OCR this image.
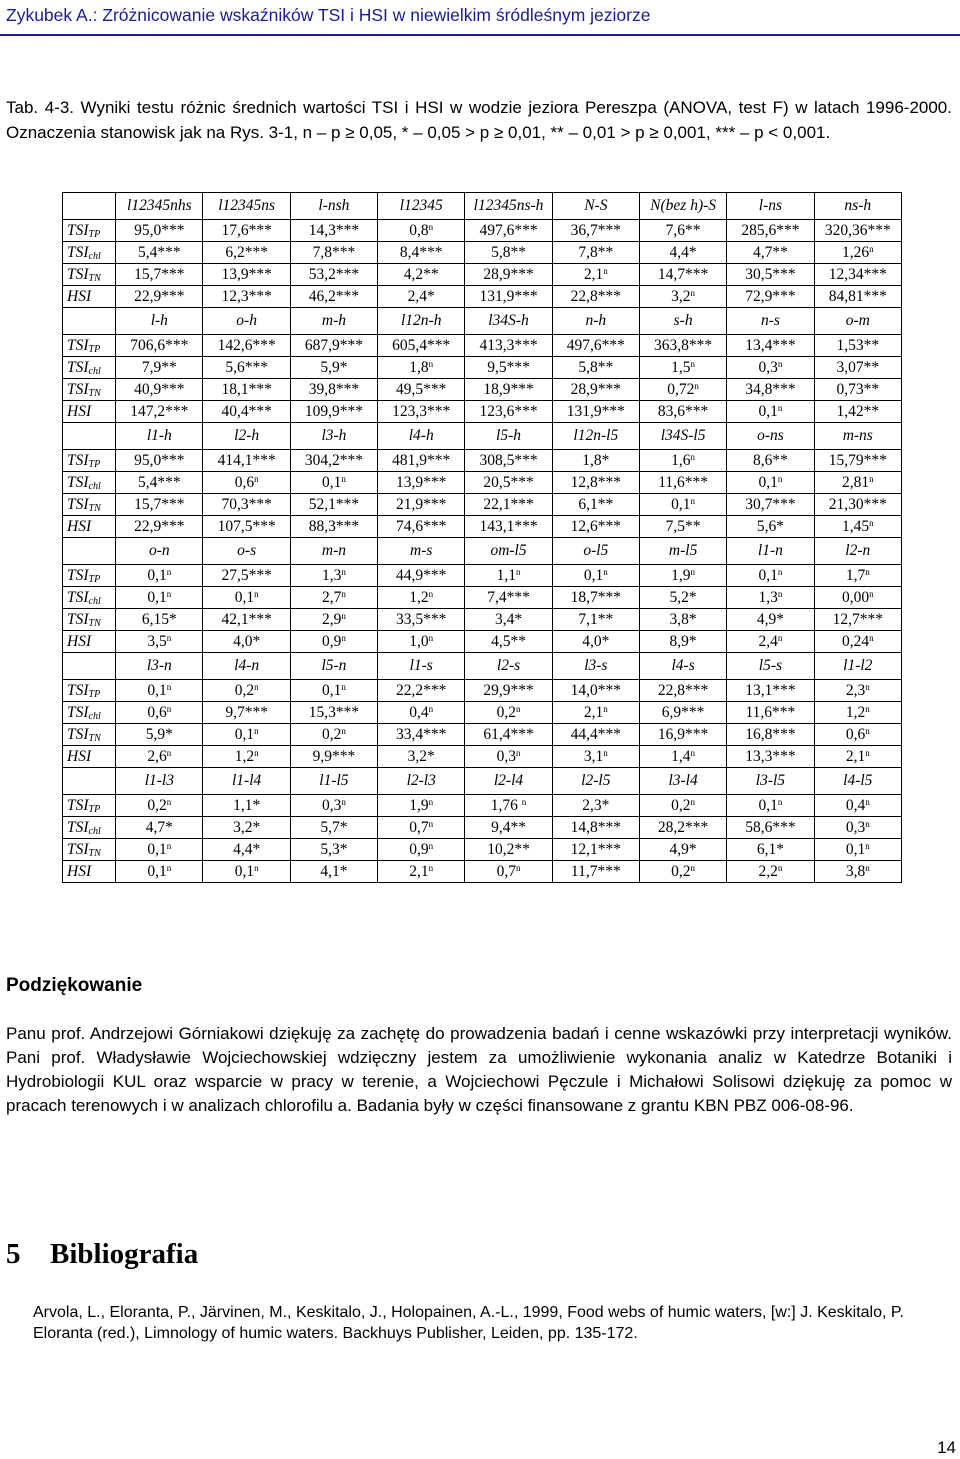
Zykubek A.: Zróżnicowanie wskaźników TSI i HSI w niewielkim śródleśnym jeziorze
Tab. 4-3. Wyniki testu różnic średnich wartości TSI i HSI w wodzie jeziora Pereszpa (ANOVA, test F) w latach 1996-2000. Oznaczenia stanowisk jak na Rys. 3-1, n – p ≥ 0,05, * – 0,05 > p ≥ 0,01, ** – 0,01 > p ≥ 0,001, *** – p < 0,001.
	l12345nhs	l12345ns	l-nsh	l12345	l12345ns-h	N-S	N(bez h)-S	l-ns	ns-h
$TSI_{TP}$	95,0***	17,6***	14,3***	0,8$^n$	497,6***	36,7***	7,6**	285,6***	320,36***
$TSI_{chl}$	5,4***	6,2***	7,8***	8,4***	5,8**	7,8**	4,4*	4,7**	1,26$^n$
$TSI_{TN}$	15,7***	13,9***	53,2***	4,2**	28,9***	2,1$^n$	14,7***	30,5***	12,34***
HSI	22,9***	12,3***	46,2***	2,4*	131,9***	22,8***	3,2$^n$	72,9***	84,81***
	l-h	o-h	m-h	l12n-h	l34S-h	n-h	s-h	n-s	o-m
$TSI_{TP}$	706,6***	142,6***	687,9***	605,4***	413,3***	497,6***	363,8***	13,4***	1,53**
$TSI_{chl}$	7,9**	5,6***	5,9*	1,8$^n$	9,5***	5,8**	1,5$^n$	0,3$^n$	3,07**
$TSI_{TN}$	40,9***	18,1***	39,8***	49,5***	18,9***	28,9***	0,72$^n$	34,8***	0,73**
HSI	147,2***	40,4***	109,9***	123,3***	123,6***	131,9***	83,6***	0,1$^n$	1,42**
	l1-h	l2-h	l3-h	l4-h	l5-h	l12n-l5	l34S-l5	o-ns	m-ns
$TSI_{TP}$	95,0***	414,1***	304,2***	481,9***	308,5***	1,8*	1,6$^n$	8,6**	15,79***
$TSI_{chl}$	5,4***	0,6$^n$	0,1$^n$	13,9***	20,5***	12,8***	11,6***	0,1$^n$	2,81$^n$
$TSI_{TN}$	15,7***	70,3***	52,1***	21,9***	22,1***	6,1**	0,1$^n$	30,7***	21,30***
HSI	22,9***	107,5***	88,3***	74,6***	143,1***	12,6***	7,5**	5,6*	1,45$^n$
	o-n	o-s	m-n	m-s	om-l5	o-l5	m-l5	l1-n	l2-n
$TSI_{TP}$	0,1$^n$	27,5***	1,3$^n$	44,9***	1,1$^n$	0,1$^n$	1,9$^n$	0,1$^n$	1,7$^n$
$TSI_{chl}$	0,1$^n$	0,1$^n$	2,7$^n$	1,2$^n$	7,4***	18,7***	5,2*	1,3$^n$	0,00$^n$
$TSI_{TN}$	6,15*	42,1***	2,9$^n$	33,5***	3,4*	7,1**	3,8*	4,9*	12,7***
HSI	3,5$^n$	4,0*	0,9$^n$	1,0$^n$	4,5**	4,0*	8,9*	2,4$^n$	0,24$^n$
	l3-n	l4-n	l5-n	l1-s	l2-s	l3-s	l4-s	l5-s	l1-l2
$TSI_{TP}$	0,1$^n$	0,2$^n$	0,1$^n$	22,2***	29,9***	14,0***	22,8***	13,1***	2,3$^n$
$TSI_{chl}$	0,6$^n$	9,7***	15,3***	0,4$^n$	0,2$^n$	2,1$^n$	6,9***	11,6***	1,2$^n$
$TSI_{TN}$	5,9*	0,1$^n$	0,2$^n$	33,4***	61,4***	44,4***	16,9***	16,8***	0,6$^n$
HSI	2,6$^n$	1,2$^n$	9,9***	3,2*	0,3$^n$	3,1$^n$	1,4$^n$	13,3***	2,1$^n$
	l1-l3	l1-l4	l1-l5	l2-l3	l2-l4	l2-l5	l3-l4	l3-l5	l4-l5
$TSI_{TP}$	0,2$^n$	1,1*	0,3$^n$	1,9$^n$	1,76 $^n$	2,3*	0,2$^n$	0,1$^n$	0,4$^n$
$TSI_{chl}$	4,7*	3,2*	5,7*	0,7$^n$	9,4**	14,8***	28,2***	58,6***	0,3$^n$
$TSI_{TN}$	0,1$^n$	4,4*	5,3*	0,9$^n$	10,2**	12,1***	4,9*	6,1*	0,1$^n$
HSI	0,1$^n$	0,1$^n$	4,1*	2,1$^n$	0,7$^n$	11,7***	0,2$^n$	2,2$^n$	3,8$^n$
Podziękowanie
Panu prof. Andrzejowi Górniakowi dziękuję za zachętę do prowadzenia badań i cenne wskazówki przy interpretacji wyników. Pani prof. Władysławie Wojciechowskiej wdzięczny jestem za umożliwienie wykonania analiz w Katedrze Botaniki i Hydrobiologii KUL oraz wsparcie w pracy w terenie, a Wojciechowi Pęczule i Michałowi Solisowi dziękuję za pomoc w pracach terenowych i w analizach chlorofilu a. Badania były w części finansowane z grantu KBN PBZ 006-08-96.
5 Bibliografia
Arvola, L., Eloranta, P., Järvinen, M., Keskitalo, J., Holopainen, A.-L., 1999, Food webs of humic waters, [w:] J. Keskitalo, P. Eloranta (red.), Limnology of humic waters. Backhuys Publisher, Leiden, pp. 135-172.
14
